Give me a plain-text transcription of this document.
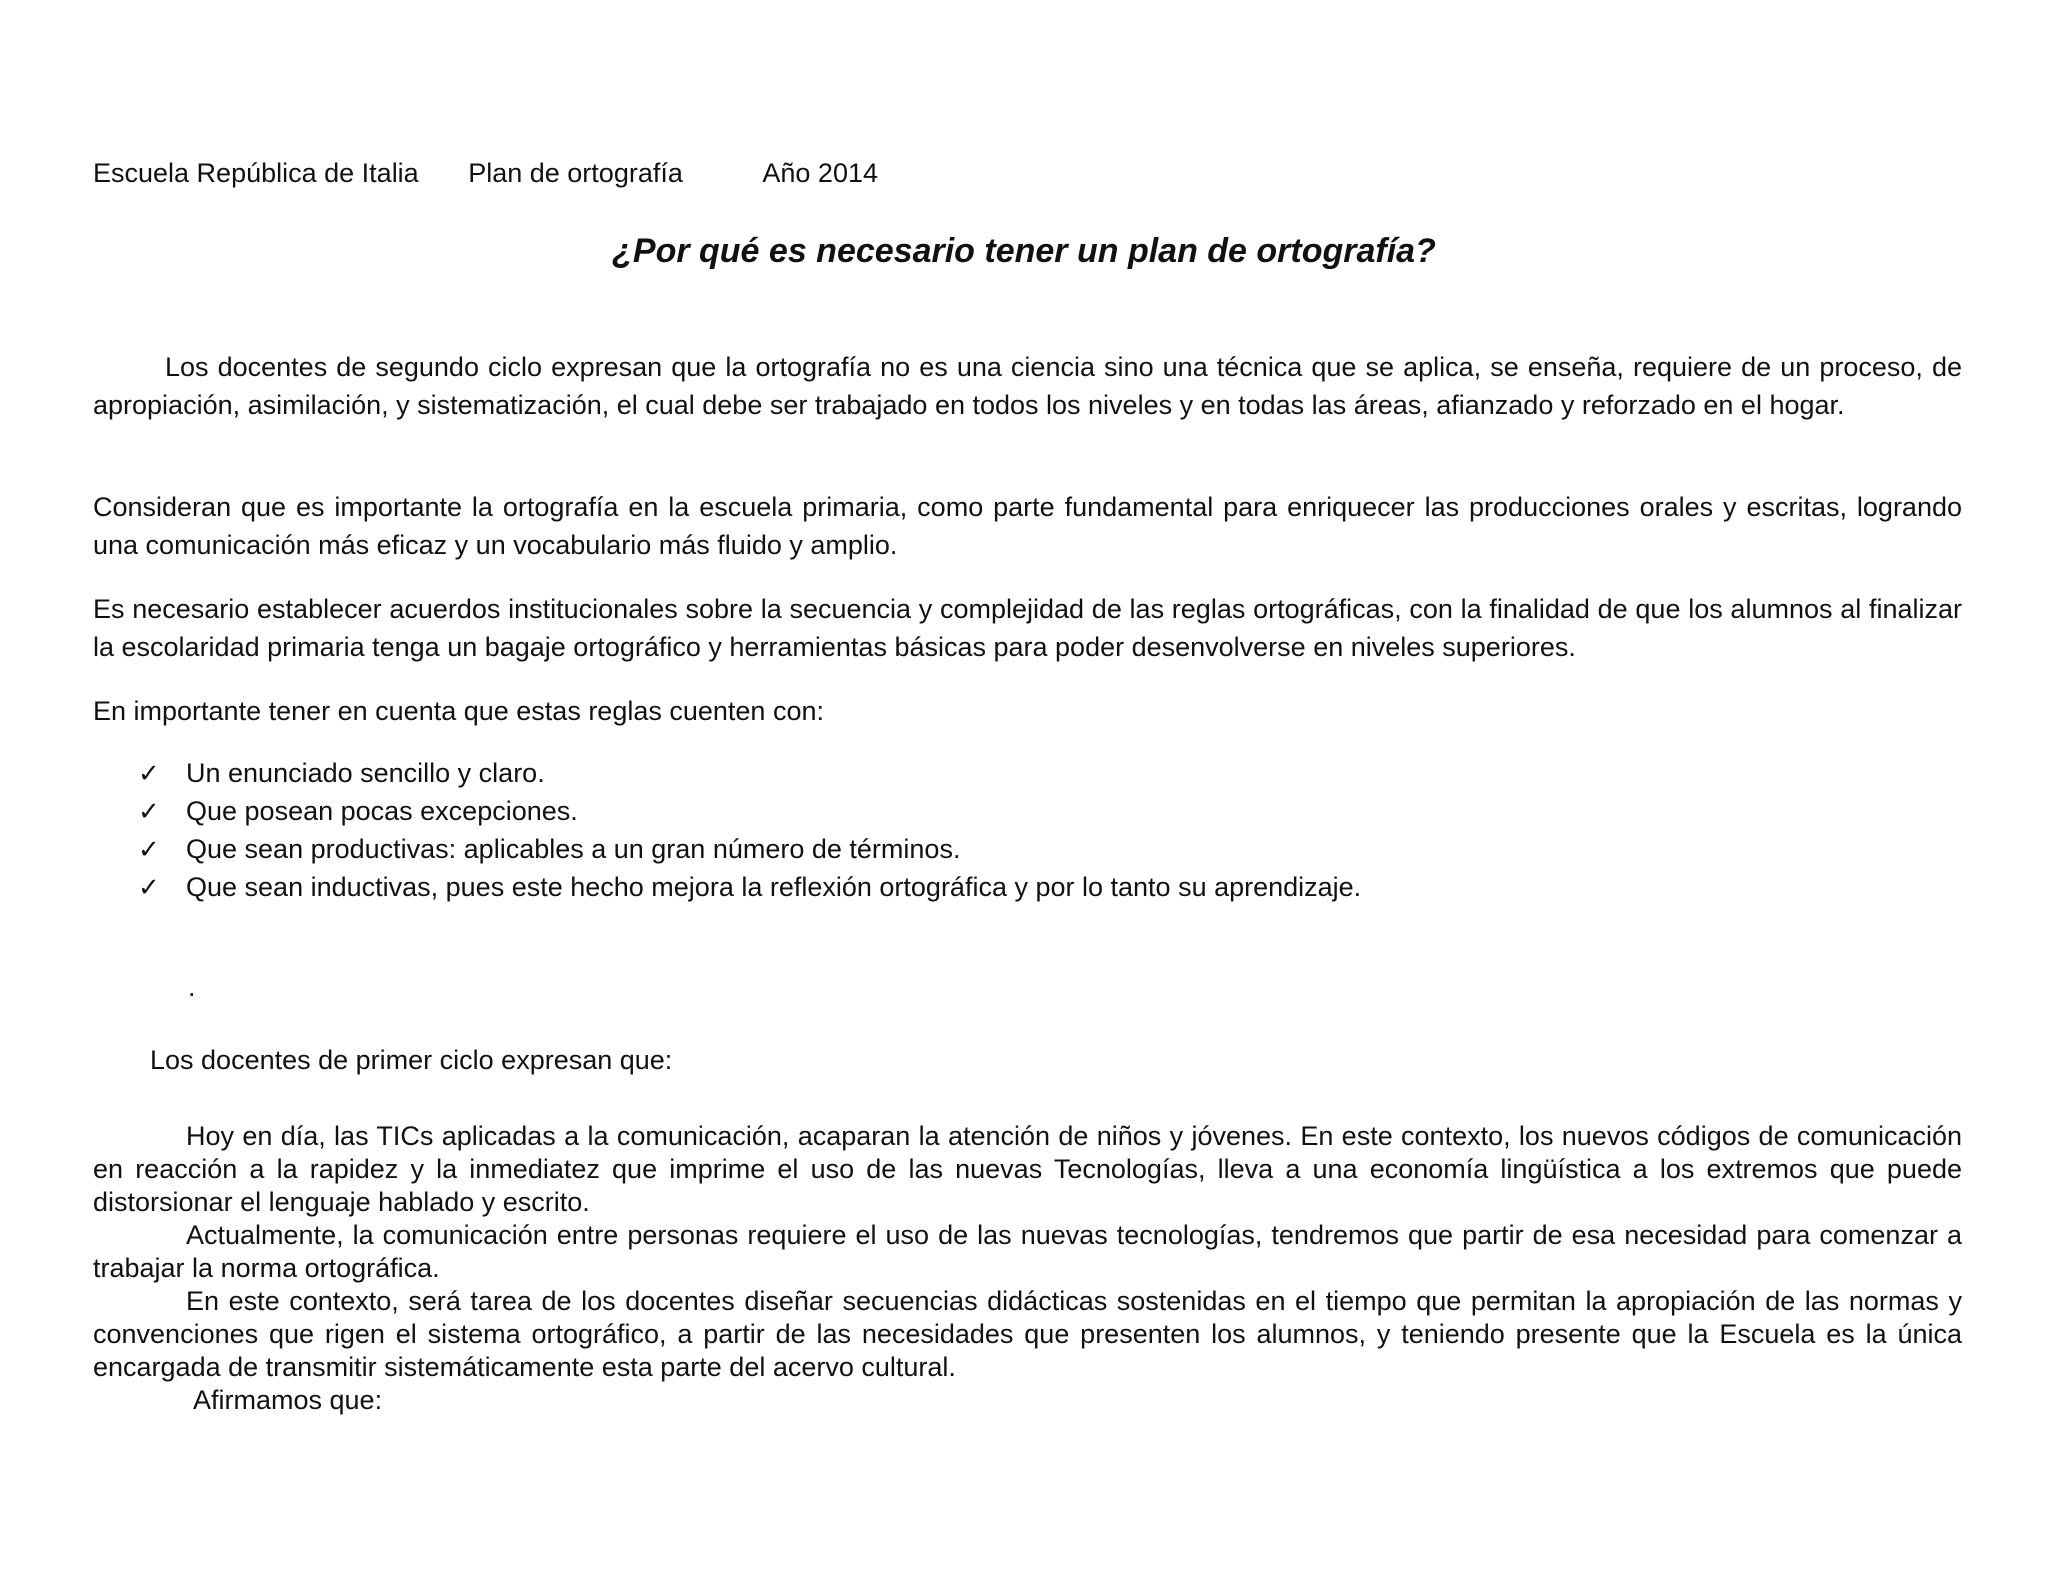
Escuela República de Italia Plan de ortografía	Año 2014
¿Por qué es necesario tener un plan de ortografía?

Los docentes de segundo ciclo expresan que la ortografía no es una ciencia sino una técnica que se aplica, se enseña, requiere de un proceso, de apropiación, asimilación, y sistematización, el cual debe ser trabajado en todos los niveles y en todas las áreas, afianzado y reforzado en el hogar.

Consideran que es importante la ortografía en la escuela primaria, como parte fundamental para enriquecer las producciones orales y escritas, logrando una comunicación más eficaz y un vocabulario más fluido y amplio.

Es necesario establecer acuerdos institucionales sobre la secuencia y complejidad de las reglas ortográficas, con la finalidad de que los alumnos al finalizar la escolaridad primaria tenga un bagaje ortográfico y herramientas básicas para poder desenvolverse en niveles superiores.

En importante tener en cuenta que estas reglas cuenten con:

✓ Un enunciado sencillo y claro.
✓ Que posean pocas excepciones.
✓ Que sean productivas: aplicables a un gran número de términos.
✓ Que sean inductivas, pues este hecho mejora la reflexión ortográfica y por lo tanto su aprendizaje.
.

Los docentes de primer ciclo expresan que:

Hoy en día, las TICs aplicadas a la comunicación, acaparan la atención de niños y jóvenes. En este contexto, los nuevos códigos de comunicación en reacción a la rapidez y la inmediatez que imprime el uso de las nuevas Tecnologías, lleva a una economía lingüística a los extremos que puede distorsionar el lenguaje hablado y escrito.

Actualmente, la comunicación entre personas requiere el uso de las nuevas tecnologías, tendremos que partir de esa necesidad para comenzar a trabajar la norma ortográfica.

En este contexto, será tarea de los docentes diseñar secuencias didácticas sostenidas en el tiempo que permitan la apropiación de las normas y convenciones que rigen el sistema ortográfico, a partir de las necesidades que presenten los alumnos, y teniendo presente que la Escuela es la única encargada de transmitir sistemáticamente esta parte del acervo cultural.

Afirmamos que:
